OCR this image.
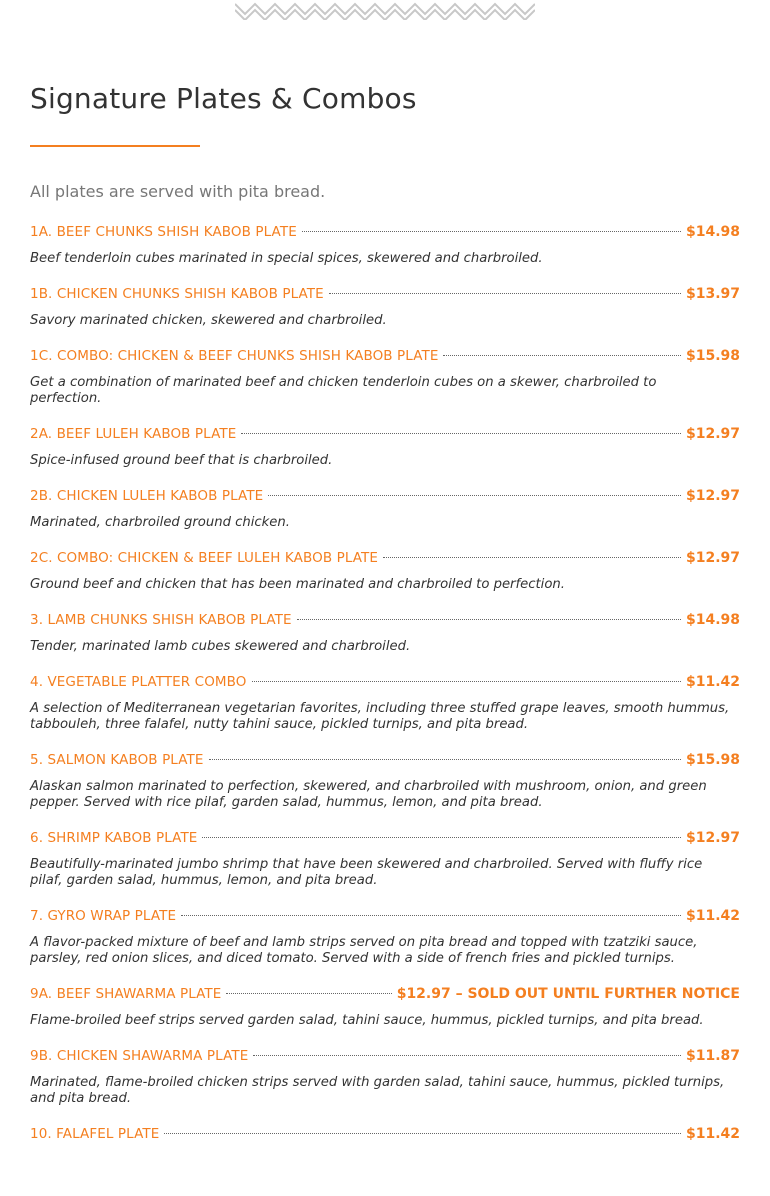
Signature Plates & Combos

All plates are served with pita bread.

1A. BEEF CHUNKS SHISH KABOB PLATE	$14.98

Beef tenderloin cubes marinated in special spices, skewered and charbroiled.

1B. CHICKEN CHUNKS SHISH KABOB PLATE	$13.97

Savory marinated chicken, skewered and charbroiled.

1C. COMBO: CHICKEN & BEEF CHUNKS SHISH KABOB PLATE	$15.98

Get a combination of marinated beef and chicken tenderloin cubes on a skewer, charbroiled to perfection.

2A. BEEF LULEH KABOB PLATE	$12.97

Spice-infused ground beef that is charbroiled.

2B. CHICKEN LULEH KABOB PLATE	$12.97

Marinated, charbroiled ground chicken.

2C. COMBO: CHICKEN & BEEF LULEH KABOB PLATE	$12.97

Ground beef and chicken that has been marinated and charbroiled to perfection.

3. LAMB CHUNKS SHISH KABOB PLATE	$14.98

Tender, marinated lamb cubes skewered and charbroiled.

4. VEGETABLE PLATTER COMBO	$11.42

A selection of Mediterranean vegetarian favorites, including three stuffed grape leaves, smooth hummus, tabbouleh, three falafel, nutty tahini sauce, pickled turnips, and pita bread.

5. SALMON KABOB PLATE	$15.98

Alaskan salmon marinated to perfection, skewered, and charbroiled with mushroom, onion, and green pepper. Served with rice pilaf, garden salad, hummus, lemon, and pita bread.

6. SHRIMP KABOB PLATE	$12.97

Beautifully-marinated jumbo shrimp that have been skewered and charbroiled. Served with fluffy rice pilaf, garden salad, hummus, lemon, and pita bread.

7. GYRO WRAP PLATE	$11.42

A flavor-packed mixture of beef and lamb strips served on pita bread and topped with tzatziki sauce, parsley, red onion slices, and diced tomato. Served with a side of french fries and pickled turnips.

9A. BEEF SHAWARMA PLATE	$12.97 – SOLD OUT UNTIL FURTHER NOTICE

Flame-broiled beef strips served garden salad, tahini sauce, hummus, pickled turnips, and pita bread.

9B. CHICKEN SHAWARMA PLATE	$11.87

Marinated, flame-broiled chicken strips served with garden salad, tahini sauce, hummus, pickled turnips, and pita bread.

10. FALAFEL PLATE	$11.42
